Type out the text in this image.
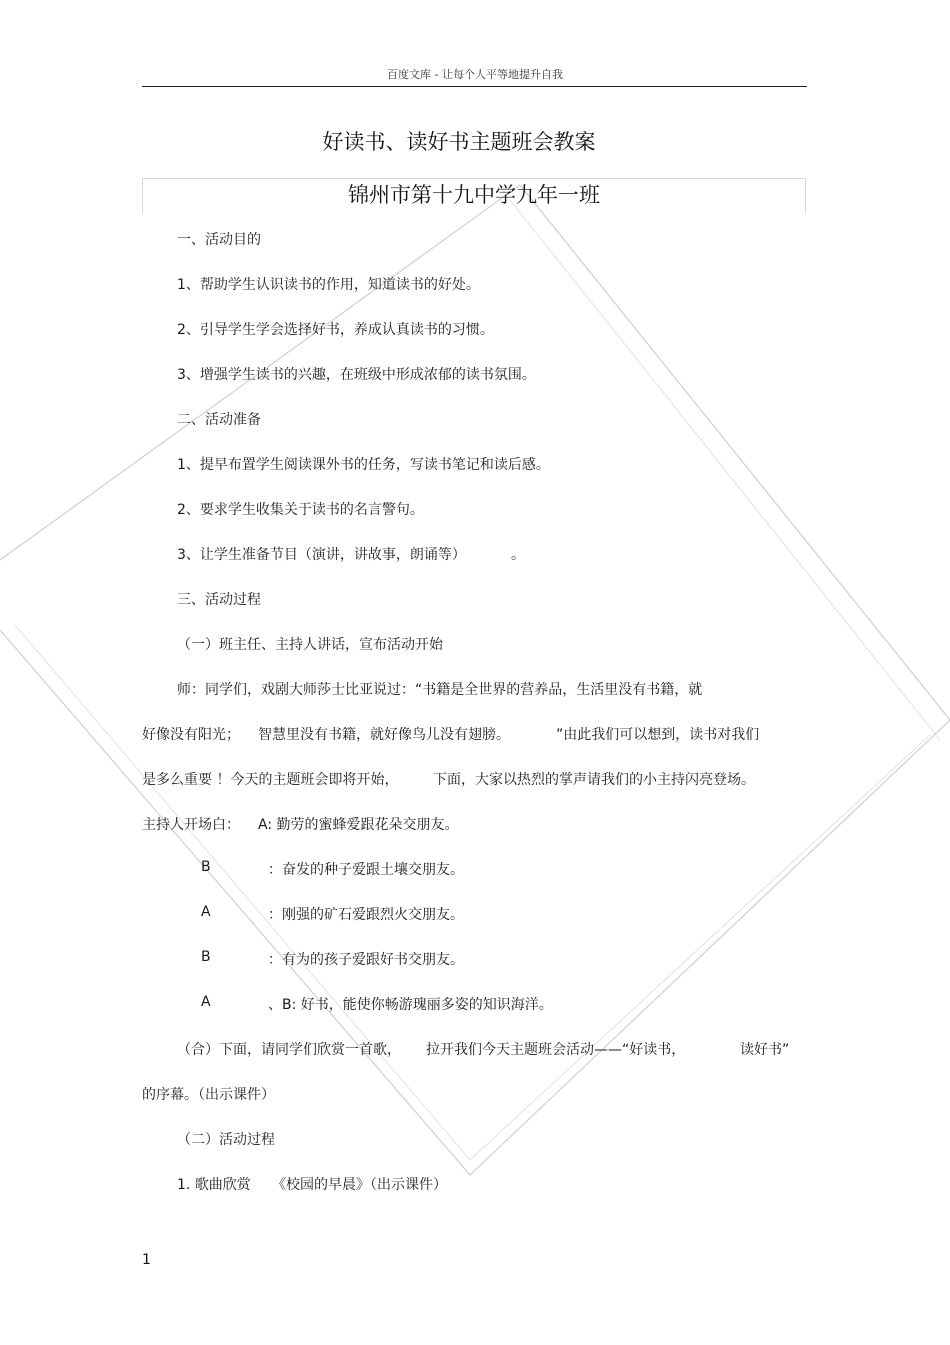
百度文库 - 让每个人平等地提升自我
好读书、读好书主题班会教案
锦州市第十九中学九年一班
一、活动目的
1、帮助学生认识读书的作用，知道读书的好处。
2、引导学生学会选择好书，养成认真读书的习惯。
3、增强学生读书的兴趣，在班级中形成浓郁的读书氛围。
二、活动准备
1、提早布置学生阅读课外书的任务，写读书笔记和读后感。
2、要求学生收集关于读书的名言警句。
3、让学生准备节目（演讲，讲故事，朗诵等）	。
三、活动过程
（一）班主任、主持人讲话，宣布活动开始
师：同学们，戏剧大师莎士比亚说过：“书籍是全世界的营养品，生活里没有书籍，就
好像没有阳光； 智慧里没有书籍，就好像鸟儿没有翅膀。	”由此我们可以想到，读书对我们
是多么重要 ！今天的主题班会即将开始， 下面，大家以热烈的掌声请我们的小主持闪亮登场。
主持人开场白： A: 勤劳的蜜蜂爱跟花朵交朋友。
B	：奋发的种子爱跟土壤交朋友。
A	：刚强的矿石爱跟烈火交朋友。
B	：有为的孩子爱跟好书交朋友。
A	、B: 好书，能使你畅游瑰丽多姿的知识海洋。
（合）下面，请同学们欣赏一首歌， 拉开我们今天主题班会活动——“好读书，	读好书”
的序幕。（出示课件）
（二）活动过程
1. 歌曲欣赏 《校园的早晨》（出示课件）
1
